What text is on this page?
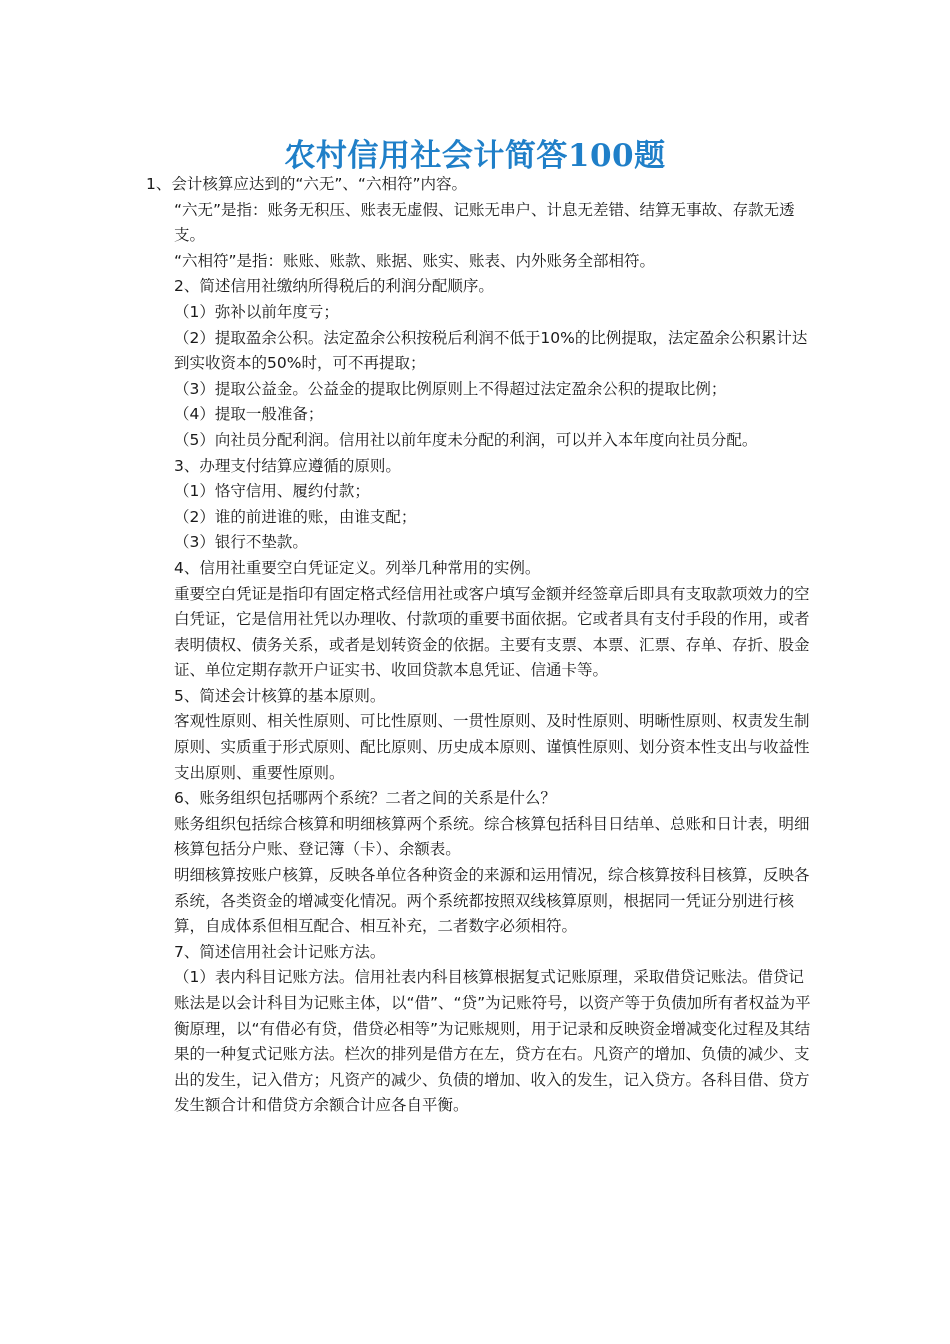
农村信用社会计简答100题

1、会计核算应达到的“六无”、“六相符”内容。

“六无”是指：账务无积压、账表无虚假、记账无串户、计息无差错、结算无事故、存款无透支。

“六相符”是指：账账、账款、账据、账实、账表、内外账务全部相符。

2、简述信用社缴纳所得税后的利润分配顺序。

（1）弥补以前年度亏；

（2）提取盈余公积。法定盈余公积按税后利润不低于10%的比例提取，法定盈余公积累计达到实收资本的50%时，可不再提取；

（3）提取公益金。公益金的提取比例原则上不得超过法定盈余公积的提取比例；

（4）提取一般准备；

（5）向社员分配利润。信用社以前年度未分配的利润，可以并入本年度向社员分配。

3、办理支付结算应遵循的原则。

（1）恪守信用、履约付款；

（2）谁的前进谁的账，由谁支配；

（3）银行不垫款。

4、信用社重要空白凭证定义。列举几种常用的实例。

重要空白凭证是指印有固定格式经信用社或客户填写金额并经签章后即具有支取款项效力的空白凭证，它是信用社凭以办理收、付款项的重要书面依据。它或者具有支付手段的作用，或者表明债权、债务关系，或者是划转资金的依据。主要有支票、本票、汇票、存单、存折、股金证、单位定期存款开户证实书、收回贷款本息凭证、信通卡等。

5、简述会计核算的基本原则。

客观性原则、相关性原则、可比性原则、一贯性原则、及时性原则、明晰性原则、权责发生制原则、实质重于形式原则、配比原则、历史成本原则、谨慎性原则、划分资本性支出与收益性支出原则、重要性原则。

6、账务组织包括哪两个系统？二者之间的关系是什么？

账务组织包括综合核算和明细核算两个系统。综合核算包括科目日结单、总账和日计表，明细核算包括分户账、登记簿（卡）、余额表。

明细核算按账户核算，反映各单位各种资金的来源和运用情况，综合核算按科目核算，反映各系统，各类资金的增减变化情况。两个系统都按照双线核算原则，根据同一凭证分别进行核算，自成体系但相互配合、相互补充，二者数字必须相符。

7、简述信用社会计记账方法。

（1）表内科目记账方法。信用社表内科目核算根据复式记账原理，采取借贷记账法。借贷记账法是以会计科目为记账主体，以“借”、“贷”为记账符号，以资产等于负债加所有者权益为平衡原理，以“有借必有贷，借贷必相等”为记账规则，用于记录和反映资金增减变化过程及其结果的一种复式记账方法。栏次的排列是借方在左，贷方在右。凡资产的增加、负债的减少、支出的发生，记入借方；凡资产的减少、负债的增加、收入的发生，记入贷方。各科目借、贷方发生额合计和借贷方余额合计应各自平衡。
